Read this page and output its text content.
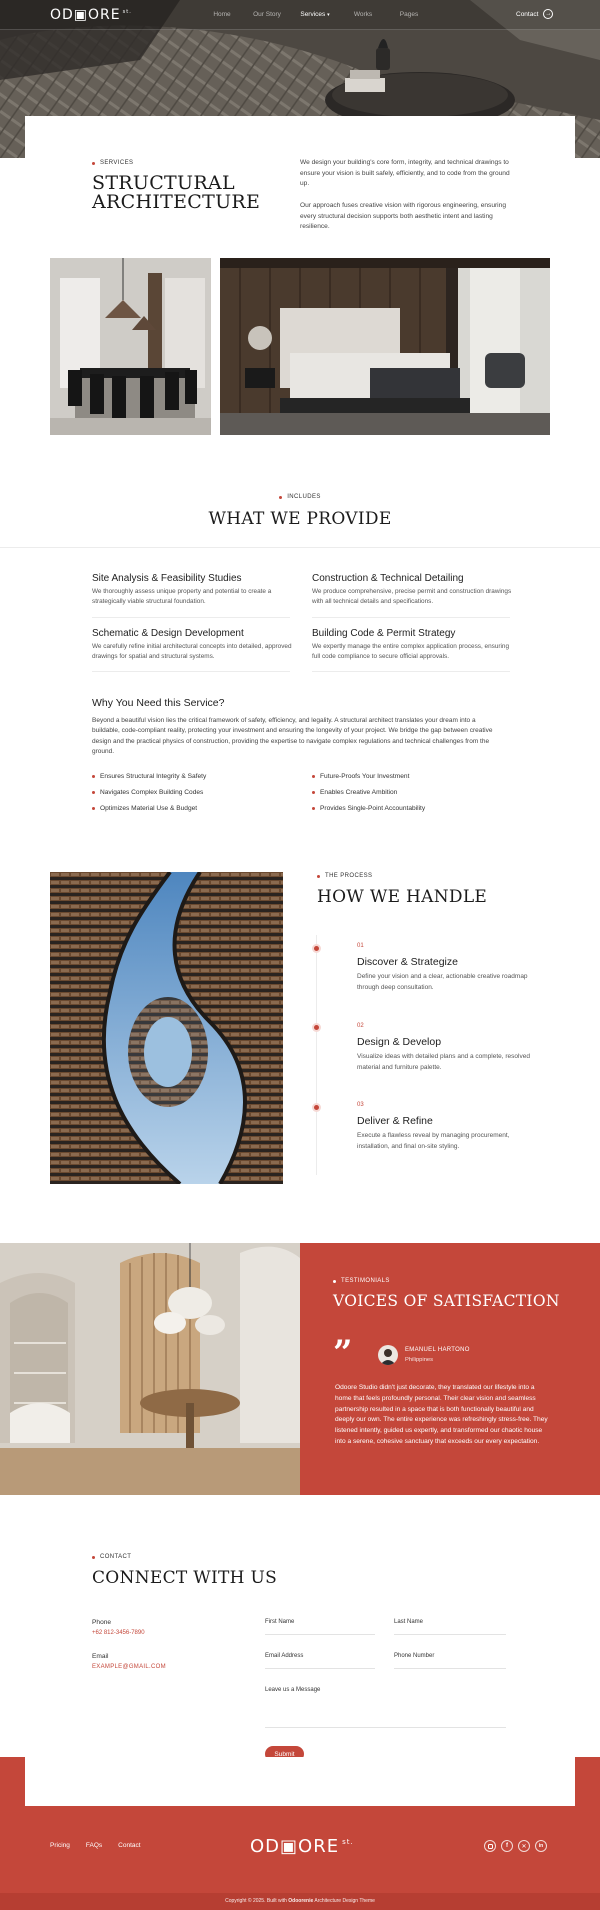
OD▣ORE st.	Home	Our Story	Services ▾	Works	Pages	Contact	→
SERVICES
STRUCTURAL
ARCHITECTURE
We design your building's core form, integrity, and technical drawings to ensure your vision is built safely, efficiently, and to code from the ground up.
Our approach fuses creative vision with rigorous engineering, ensuring every structural decision supports both aesthetic intent and lasting resilience.
INCLUDES
WHAT WE PROVIDE
Site Analysis & Feasibility Studies
We thoroughly assess unique property and potential to create a strategically viable structural foundation.
Construction & Technical Detailing
We produce comprehensive, precise permit and construction drawings with all technical details and specifications.
Schematic & Design Development
We carefully refine initial architectural concepts into detailed, approved drawings for spatial and structural systems.
Building Code & Permit Strategy
We expertly manage the entire complex application process, ensuring full code compliance to secure official approvals.
Why You Need this Service?
Beyond a beautiful vision lies the critical framework of safety, efficiency, and legality. A structural architect translates your dream into a buildable, code-compliant reality, protecting your investment and ensuring the longevity of your project. We bridge the gap between creative design and the practical physics of construction, providing the expertise to navigate complex regulations and technical challenges from the ground.
Ensures Structural Integrity & Safety	Future-Proofs Your Investment
Navigates Complex Building Codes	Enables Creative Ambition
Optimizes Material Use & Budget	Provides Single-Point Accountability
THE PROCESS
HOW WE HANDLE
01
Discover & Strategize
Define your vision and a clear, actionable creative roadmap through deep consultation.
02
Design & Develop
Visualize ideas with detailed plans and a complete, resolved material and furniture palette.
03
Deliver & Refine
Execute a flawless reveal by managing procurement, installation, and final on-site styling.
TESTIMONIALS
VOICES OF SATISFACTION
”	EMANUEL HARTONO
Philippines
Odoore Studio didn't just decorate, they translated our lifestyle into a home that feels profoundly personal. Their clear vision and seamless partnership resulted in a space that is both functionally beautiful and deeply our own. The entire experience was refreshingly stress-free. They listened intently, guided us expertly, and transformed our chaotic house into a serene, cohesive sanctuary that exceeds our every expectation.
CONTACT
CONNECT WITH US
Phone
+62 812-3456-7890
Email
EXAMPLE@GMAIL.COM
First Name	Last Name
Email Address	Phone Number
Leave us a Message
Submit
Pricing FAQs Contact	OD▣ORE st.	f	✕	in
Copyright © 2025. Built with Odoorenie Architecture Design Theme
